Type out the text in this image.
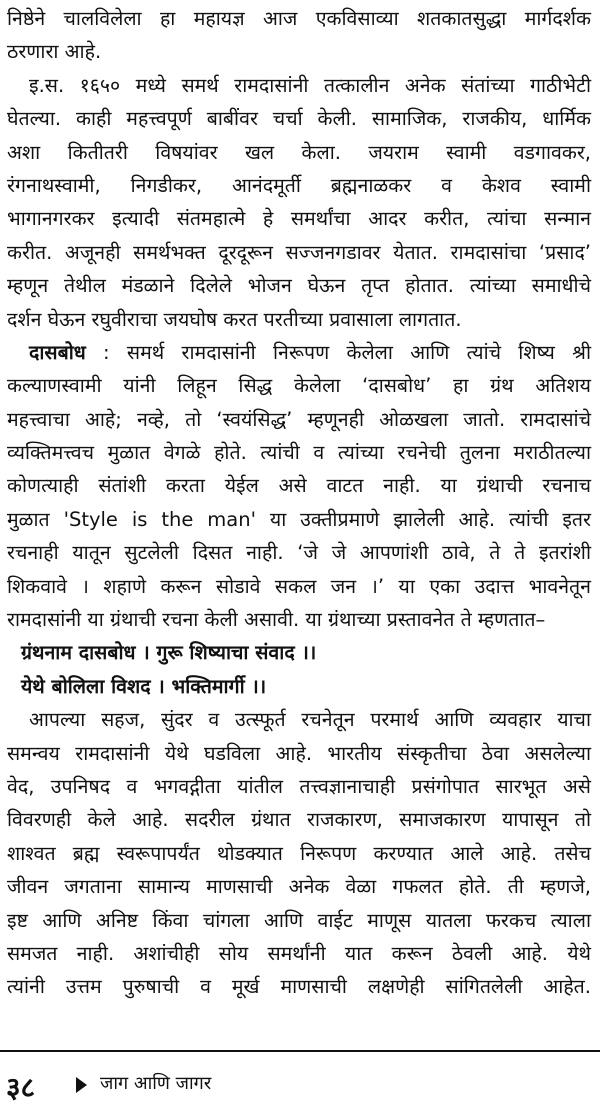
निष्ठेने चालविलेला हा महायज्ञ आज एकविसाव्या शतकातसुद्धा मार्गदर्शक
ठरणारा आहे.
इ.स. १६५० मध्ये समर्थ रामदासांनी तत्कालीन अनेक संतांच्या गाठीभेटी
घेतल्या. काही महत्त्वपूर्ण बाबींवर चर्चा केली. सामाजिक, राजकीय, धार्मिक
अशा कितीतरी विषयांवर खल केला. जयराम स्वामी वडगावकर,
रंगनाथस्वामी, निगडीकर, आनंदमूर्ती ब्रह्मनाळकर व केशव स्वामी
भागानगरकर इत्यादी संतमहात्मे हे समर्थांचा आदर करीत, त्यांचा सन्मान
करीत. अजूनही समर्थभक्त दूरदूरून सज्जनगडावर येतात. रामदासांचा ‘प्रसाद’
म्हणून तेथील मंडळाने दिलेले भोजन घेऊन तृप्त होतात. त्यांच्या समाधीचे
दर्शन घेऊन रघुवीराचा जयघोष करत परतीच्या प्रवासाला लागतात.
दासबोध : समर्थ रामदासांनी निरूपण केलेला आणि त्यांचे शिष्य श्री
कल्याणस्वामी यांनी लिहून सिद्ध केलेला ‘दासबोध’ हा ग्रंथ अतिशय
महत्त्वाचा आहे; नव्हे, तो ‘स्वयंसिद्ध’ म्हणूनही ओळखला जातो. रामदासांचे
व्यक्तिमत्त्वच मुळात वेगळे होते. त्यांची व त्यांच्या रचनेची तुलना मराठीतल्या
कोणत्याही संतांशी करता येईल असे वाटत नाही. या ग्रंथाची रचनाच
मुळात 'Style is the man' या उक्तीप्रमाणे झालेली आहे. त्यांची इतर
रचनाही यातून सुटलेली दिसत नाही. ‘जे जे आपणांशी ठावे, ते ते इतरांशी
शिकवावे । शहाणे करून सोडावे सकल जन ।’ या एका उदात्त भावनेतून
रामदासांनी या ग्रंथाची रचना केली असावी. या ग्रंथाच्या प्रस्तावनेत ते म्हणतात–
ग्रंथनाम दासबोध । गुरू शिष्याचा संवाद ।।
येथे बोलिला विशद । भक्तिमार्गी ।।
आपल्या सहज, सुंदर व उत्स्फूर्त रचनेतून परमार्थ आणि व्यवहार याचा
समन्वय रामदासांनी येथे घडविला आहे. भारतीय संस्कृतीचा ठेवा असलेल्या
वेद, उपनिषद व भगवद्गीता यांतील तत्त्वज्ञानाचाही प्रसंगोपात सारभूत असे
विवरणही केले आहे. सदरील ग्रंथात राजकारण, समाजकारण यापासून तो
शाश्वत ब्रह्म स्वरूपापर्यंत थोडक्यात निरूपण करण्यात आले आहे. तसेच
जीवन जगताना सामान्य माणसाची अनेक वेळा गफलत होते. ती म्हणजे,
इष्ट आणि अनिष्ट किंवा चांगला आणि वाईट माणूस यातला फरकच त्याला
समजत नाही. अशांचीही सोय समर्थांनी यात करून ठेवली आहे. येथे
त्यांनी उत्तम पुरुषाची व मूर्ख माणसाची लक्षणेही सांगितलेली आहेत.
३८	जाग आणि जागर
